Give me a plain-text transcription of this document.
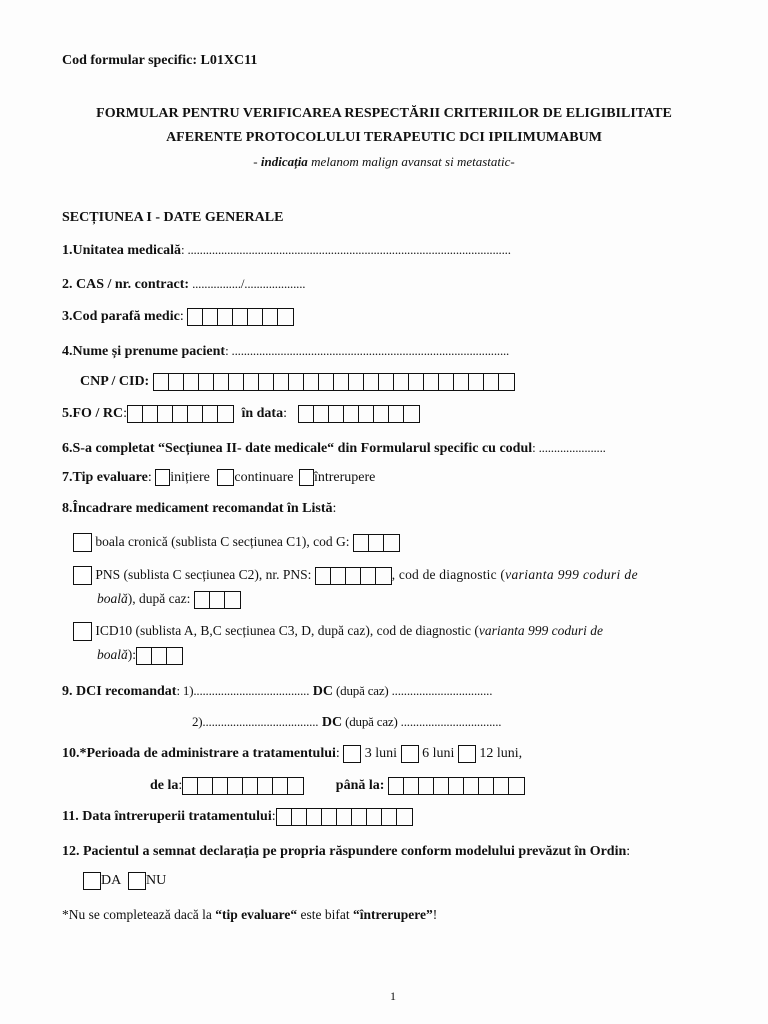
Cod formular specific: L01XC11
FORMULAR PENTRU VERIFICAREA RESPECTĂRII CRITERIILOR DE ELIGIBILITATE
AFERENTE PROTOCOLULUI TERAPEUTIC DCI IPILIMUMABUM
- indicația melanom malign avansat si metastatic-
SECȚIUNEA I - DATE GENERALE
1.Unitatea medicală: ..........................................................................................................
2. CAS / nr. contract: ................/....................
3.Cod parafă medic:
4.Nume și prenume pacient: ...........................................................................................
CNP / CID:
5.FO / RC:	în data:
6.S-a completat “Secțiunea II- date medicale“ din Formularul specific cu codul: ......................
7.Tip evaluare: inițiere continuare întrerupere
8.Încadrare medicament recomandat în Listă:
boala cronică (sublista C secțiunea C1), cod G:
PNS (sublista C secțiunea C2), nr. PNS:	, cod de diagnostic (varianta 999 coduri de
boală), după caz:
ICD10 (sublista A, B,C secțiunea C3, D, după caz), cod de diagnostic (varianta 999 coduri de
boală):
9. DCI recomandat: 1)...................................... DC (după caz) .................................
2)...................................... DC (după caz) .................................
10.*Perioada de administrare a tratamentului: 3 luni 6 luni 12 luni,
de la:	până la:
11. Data întreruperii tratamentului:
12. Pacientul a semnat declarația pe propria răspundere conform modelului prevăzut în Ordin:
DA NU
*Nu se completează dacă la “tip evaluare“ este bifat “întrerupere”!
1
